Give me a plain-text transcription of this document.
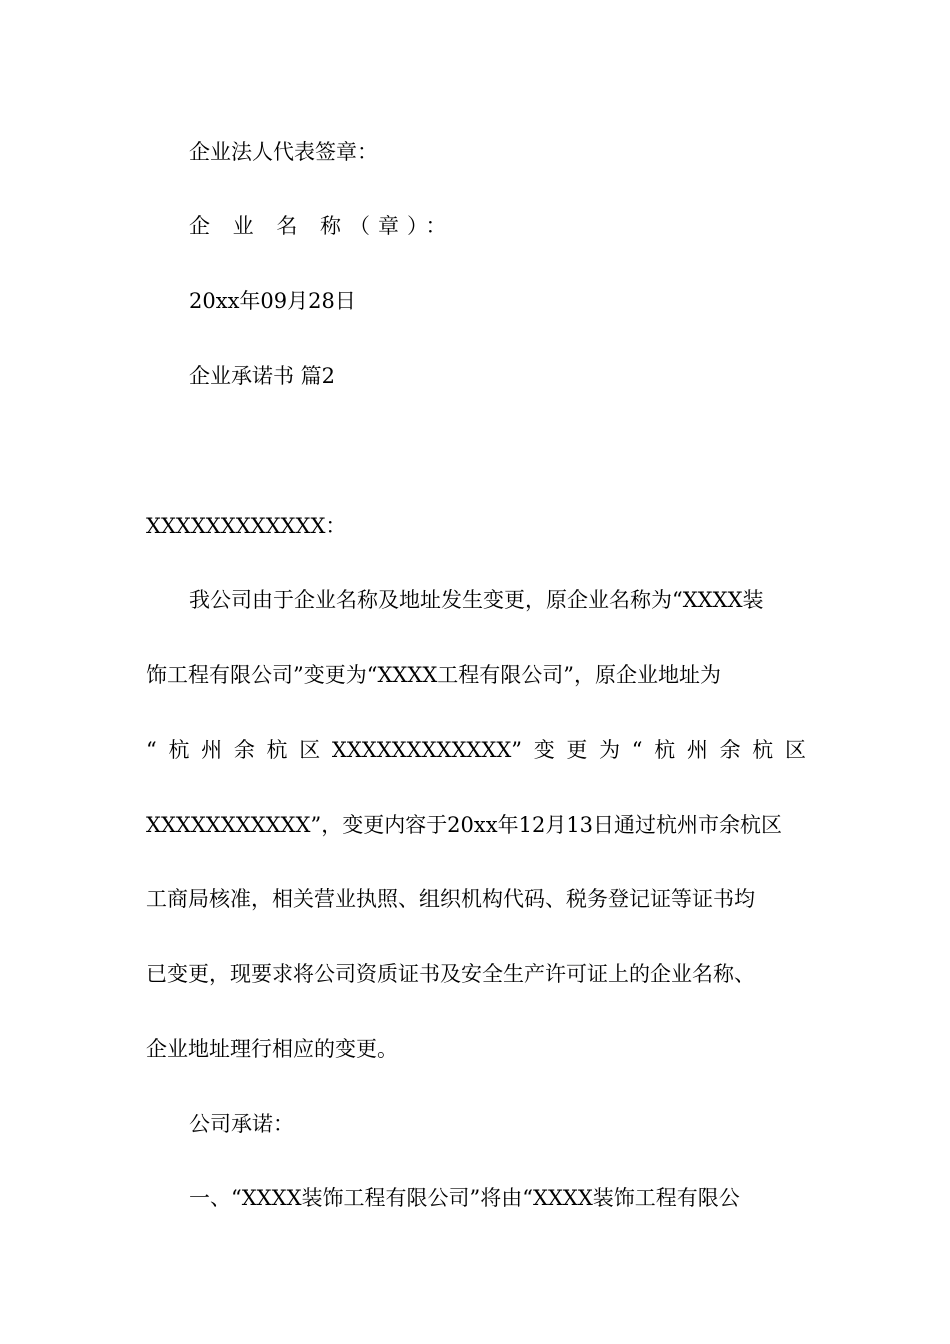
企业法人代表签章：
企 业 名 称（章）：
20xx年09月28日
企业承诺书 篇2
XXXXXXXXXXXX：
我公司由于企业名称及地址发生变更，原企业名称为“XXXX装
饰工程有限公司”变更为“XXXX工程有限公司”，原企业地址为
“ 杭 州 余 杭 区 XXXXXXXXXXXX” 变 更 为 “ 杭 州 余 杭 区
XXXXXXXXXXX”，变更内容于20xx年12月13日通过杭州市余杭区
工商局核准，相关营业执照、组织机构代码、税务登记证等证书均
已变更，现要求将公司资质证书及安全生产许可证上的企业名称、
企业地址理行相应的变更。
公司承诺：
一、“XXXX装饰工程有限公司”将由“XXXX装饰工程有限公
